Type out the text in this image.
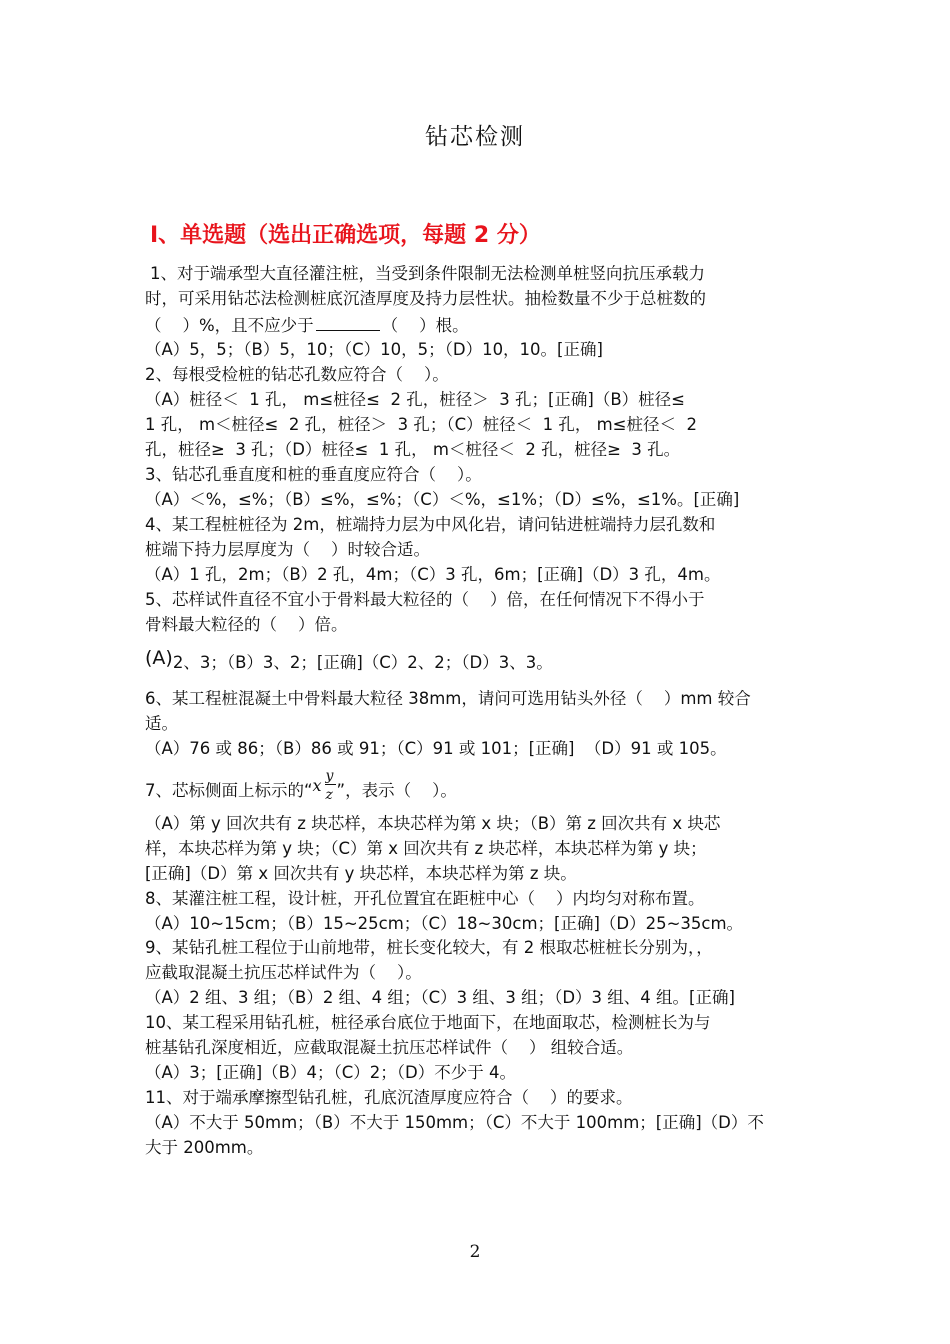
钻芯检测
Ⅰ、单选题（选出正确选项，每题 2 分）
1、对于端承型大直径灌注桩，当受到条件限制无法检测单桩竖向抗压承载力
时，可采用钻芯法检测桩底沉渣厚度及持力层性状。抽检数量不少于总桩数的
（    ）%，且不应少于	（    ）根。
（A）5，5；（B）5，10；（C）10，5；（D）10，10。[正确]
2、每根受检桩的钻芯孔数应符合（    ）。
（A）桩径＜  1 孔， m≤桩径≤  2 孔，桩径＞  3 孔；[正确]（B）桩径≤
1 孔， m＜桩径≤  2 孔，桩径＞  3 孔；（C）桩径＜  1 孔， m≤桩径＜  2
孔，桩径≥  3 孔；（D）桩径≤  1 孔， m＜桩径＜  2 孔，桩径≥  3 孔。
3、钻芯孔垂直度和桩的垂直度应符合（    ）。
（A）＜%，≤%；（B）≤%，≤%；（C）＜%，≤1%；（D）≤%，≤1%。[正确]
4、某工程桩桩径为 2m，桩端持力层为中风化岩，请问钻进桩端持力层孔数和
桩端下持力层厚度为（    ）时较合适。
（A）1 孔，2m；（B）2 孔，4m；（C）3 孔，6m；[正确]（D）3 孔，4m。
5、芯样试件直径不宜小于骨料最大粒径的（    ）倍，在任何情况下不得小于
骨料最大粒径的（    ）倍。
(A)2、3；（B）3、2；[正确]（C）2、2；（D）3、3。
6、某工程桩混凝土中骨料最大粒径 38mm，请问可选用钻头外径（    ）mm 较合
适。
（A）76 或 86；（B）86 或 91；（C）91 或 101；[正确]  （D）91 或 105。
7、芯标侧面上标示的“ x y
z ”，表示（    ）。
（A）第 y 回次共有 z 块芯样，本块芯样为第 x 块；（B）第 z 回次共有 x 块芯
样，本块芯样为第 y 块；（C）第 x 回次共有 z 块芯样，本块芯样为第 y 块；
[正确]（D）第 x 回次共有 y 块芯样，本块芯样为第 z 块。
8、某灌注桩工程，设计桩，开孔位置宜在距桩中心（    ）内均匀对称布置。
（A）10~15cm；（B）15~25cm；（C）18~30cm；[正确]（D）25~35cm。
9、某钻孔桩工程位于山前地带，桩长变化较大，有 2 根取芯桩桩长分别为，，
应截取混凝土抗压芯样试件为（    ）。
（A）2 组、3 组；（B）2 组、4 组；（C）3 组、3 组；（D）3 组、4 组。[正确]
10、某工程采用钻孔桩，桩径承台底位于地面下，在地面取芯，检测桩长为与
桩基钻孔深度相近，应截取混凝土抗压芯样试件（    ） 组较合适。
（A）3；[正确]（B）4；（C）2；（D）不少于 4。
11、对于端承摩擦型钻孔桩，孔底沉渣厚度应符合（    ）的要求。
（A）不大于 50mm；（B）不大于 150mm；（C）不大于 100mm；[正确]（D）不
大于 200mm。
2
